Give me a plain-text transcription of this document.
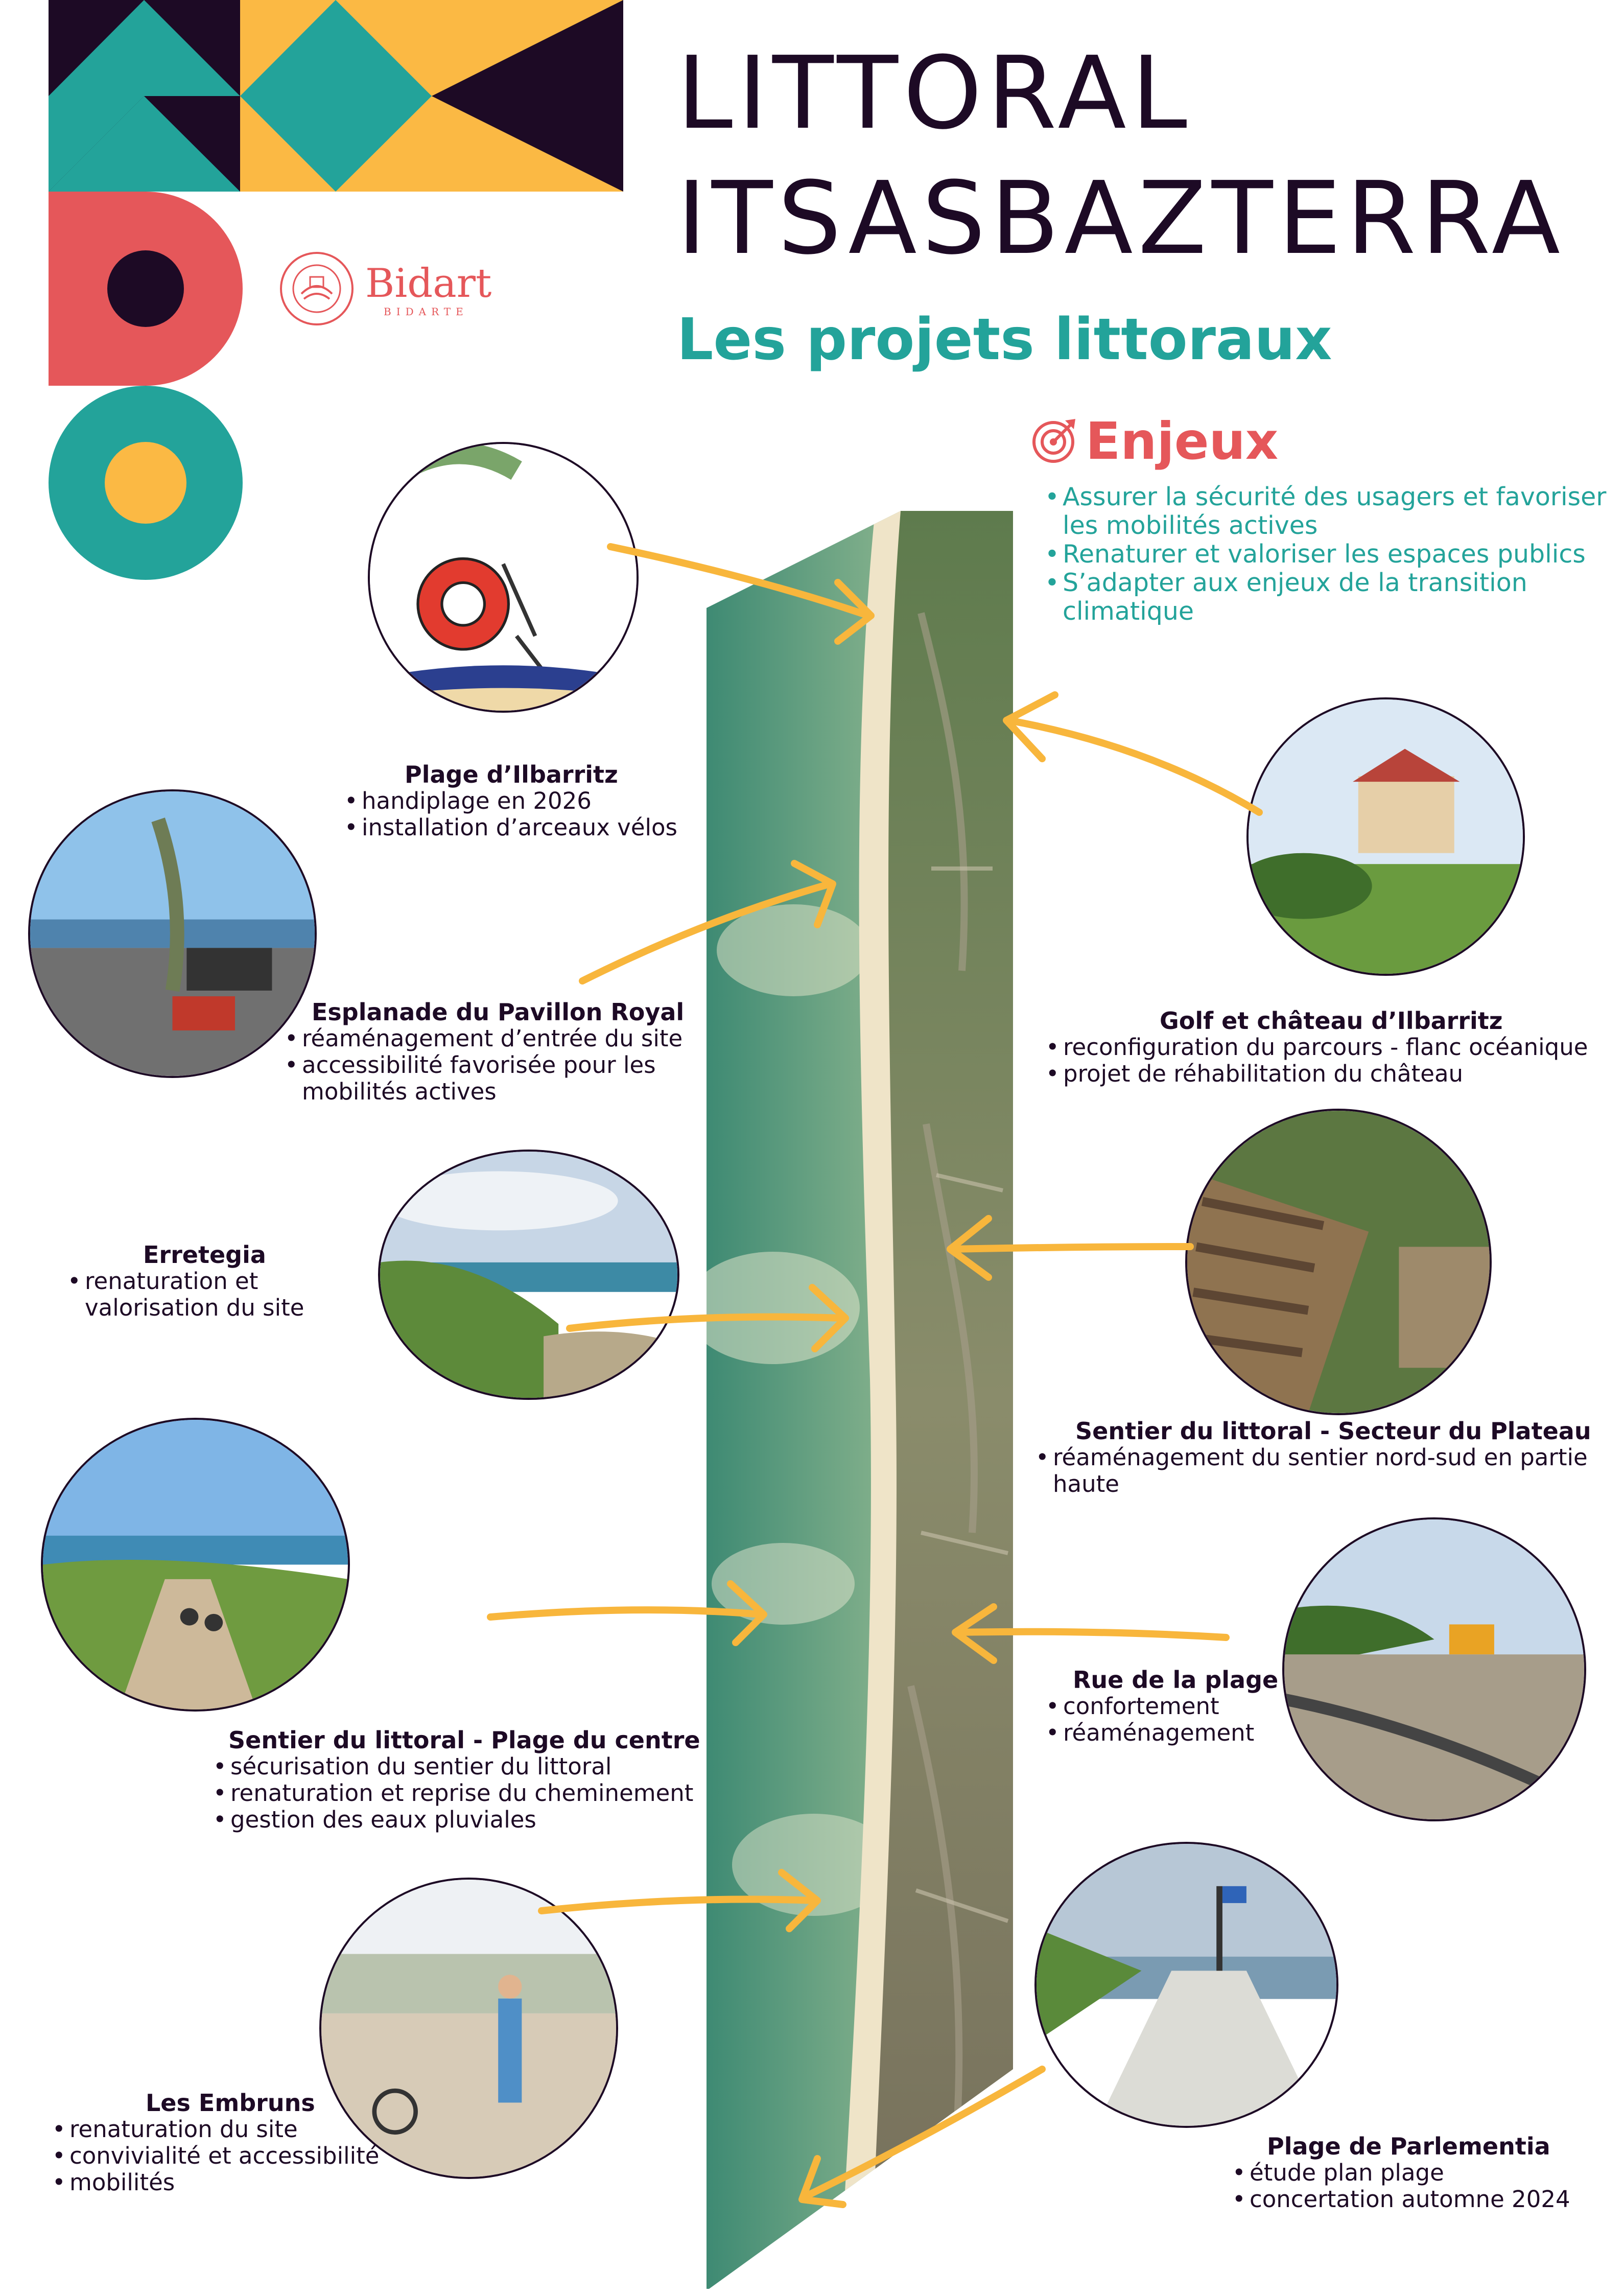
Bidart
BIDARTE
LITTORAL
ITSASBAZTERRA
Les projets littoraux
Enjeux
• Assurer la sécurité des usagers et favoriser les mobilités actives
• Renaturer et valoriser les espaces publics
• S’adapter aux enjeux de la transition climatique
Plage d’Ilbarritz
• handiplage en 2026
• installation d’arceaux vélos
Golf et château d’Ilbarritz
• reconfiguration du parcours - flanc océanique
• projet de réhabilitation du château
Esplanade du Pavillon Royal
• réaménagement d’entrée du site
• accessibilité favorisée pour les mobilités actives
Erretegia
• renaturation et valorisation du site
Sentier du littoral - Secteur du Plateau
• réaménagement du sentier nord-sud en partie haute
Sentier du littoral - Plage du centre
• sécurisation du sentier du littoral
• renaturation et reprise du cheminement
• gestion des eaux pluviales
Rue de la plage
• confortement
• réaménagement
Les Embruns
• renaturation du site
• convivialité et accessibilité
• mobilités
Plage de Parlementia
• étude plan plage
• concertation automne 2024
